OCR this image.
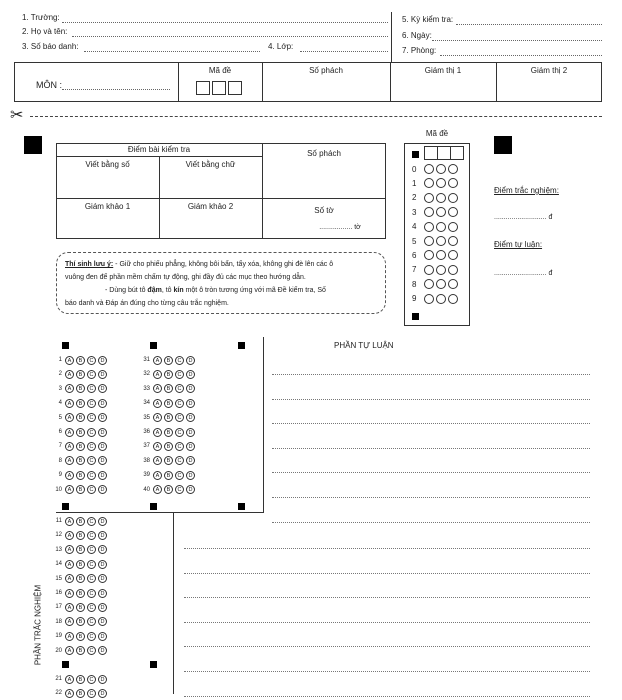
1. Trường:
2. Họ và tên:
3. Số báo danh:	4. Lớp:
5. Kỳ kiểm tra:
6. Ngày:
7. Phòng:
MÔN :
Mã đề	Số phách	Giám thị 1	Giám thị 2
✂
Điểm bài kiểm tra
Viết bằng số	Viết bằng chữ
Số phách
Giám khảo 1	Giám khảo 2	Số tờ
................. tờ
Thí sinh lưu ý: - Giữ cho phiếu phẳng, không bôi bẩn, tẩy xóa, không ghi đè lên các ô
vuông đen để phần mềm chấm tự động, ghi đầy đủ các mục theo hướng dẫn.
- Dùng bút tô đậm, tô kín một ô tròn tương ứng với mã Đề kiểm tra, Số
báo danh và Đáp án đúng cho từng câu trắc nghiệm.
Mã đề
0
1
2
3
4
5
6
7
8
9
Điểm trắc nghiệm:
........................... đ
Điểm tự luận:
........................... đ
1	A	B	C	D
2	A	B	C	D
3	A	B	C	D
4	A	B	C	D
5	A	B	C	D
6	A	B	C	D
7	A	B	C	D
8	A	B	C	D
9	A	B	C	D
10	A	B	C	D
31	A	B	C	D
32	A	B	C	D
33	A	B	C	D
34	A	B	C	D
35	A	B	C	D
36	A	B	C	D
37	A	B	C	D
38	A	B	C	D
39	A	B	C	D
40	A	B	C	D
11	A	B	C	D
12	A	B	C	D
13	A	B	C	D
14	A	B	C	D
15	A	B	C	D
16	A	B	C	D
17	A	B	C	D
18	A	B	C	D
19	A	B	C	D
20	A	B	C	D
21	A	B	C	D
22	A	B	C	D
PHẦN TRẮC NGHIỆM
PHẦN TỰ LUẬN
